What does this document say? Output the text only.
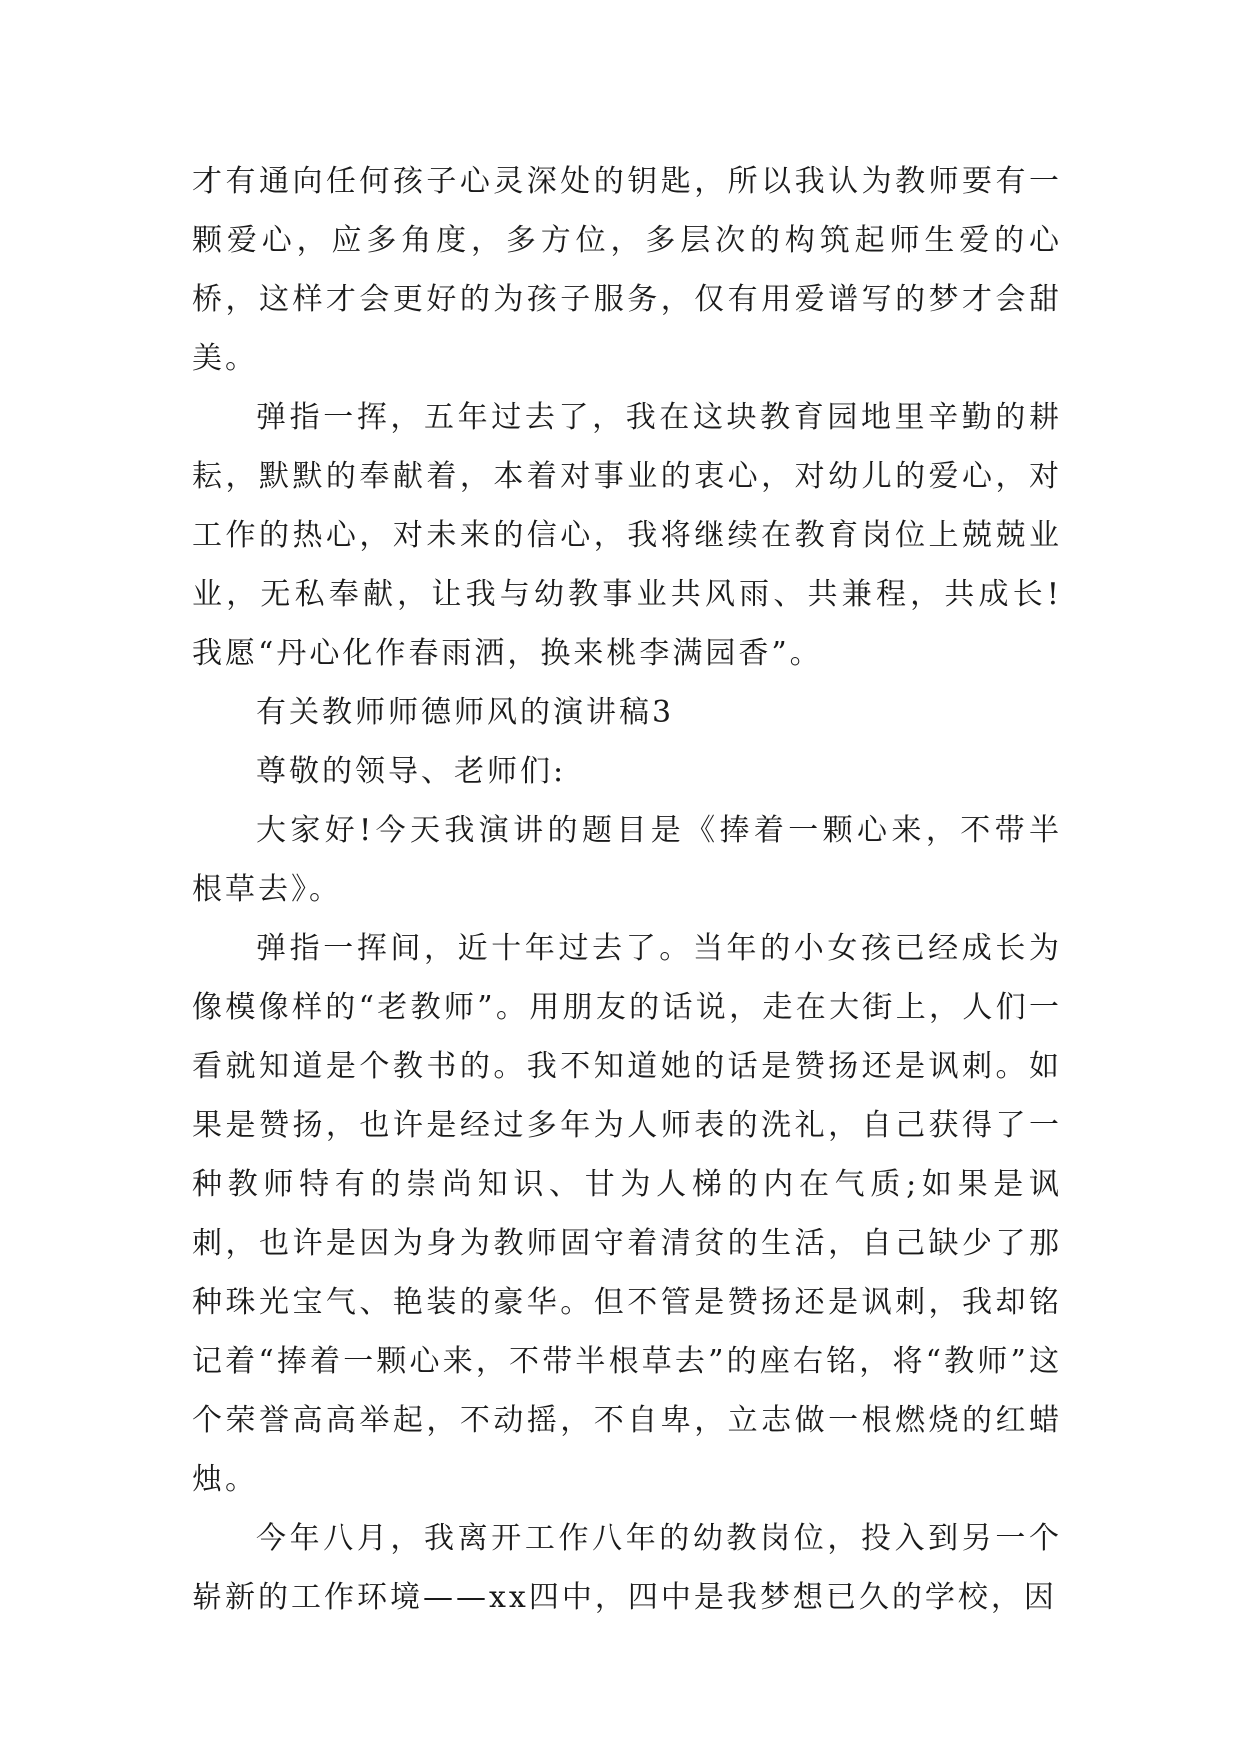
才有通向任何孩子心灵深处的钥匙，所以我认为教师要有一颗爱心，应多角度，多方位，多层次的构筑起师生爱的心桥，这样才会更好的为孩子服务，仅有用爱谱写的梦才会甜美。

弹指一挥，五年过去了，我在这块教育园地里辛勤的耕耘，默默的奉献着，本着对事业的衷心，对幼儿的爱心，对工作的热心，对未来的信心，我将继续在教育岗位上兢兢业业，无私奉献，让我与幼教事业共风雨、共兼程，共成长!我愿“丹心化作春雨洒，换来桃李满园香”。

有关教师师德师风的演讲稿3

尊敬的领导、老师们:

大家好!今天我演讲的题目是《捧着一颗心来，不带半根草去》。

弹指一挥间，近十年过去了。当年的小女孩已经成长为像模像样的“老教师”。用朋友的话说，走在大街上，人们一看就知道是个教书的。我不知道她的话是赞扬还是讽刺。如果是赞扬，也许是经过多年为人师表的洗礼，自己获得了一种教师特有的崇尚知识、甘为人梯的内在气质;如果是讽刺，也许是因为身为教师固守着清贫的生活，自己缺少了那种珠光宝气、艳装的豪华。但不管是赞扬还是讽刺，我却铭记着“捧着一颗心来，不带半根草去”的座右铭，将“教师”这个荣誉高高举起，不动摇，不自卑，立志做一根燃烧的红蜡烛。

今年八月，我离开工作八年的幼教岗位，投入到另一个崭新的工作环境——xx四中，四中是我梦想已久的学校，因
